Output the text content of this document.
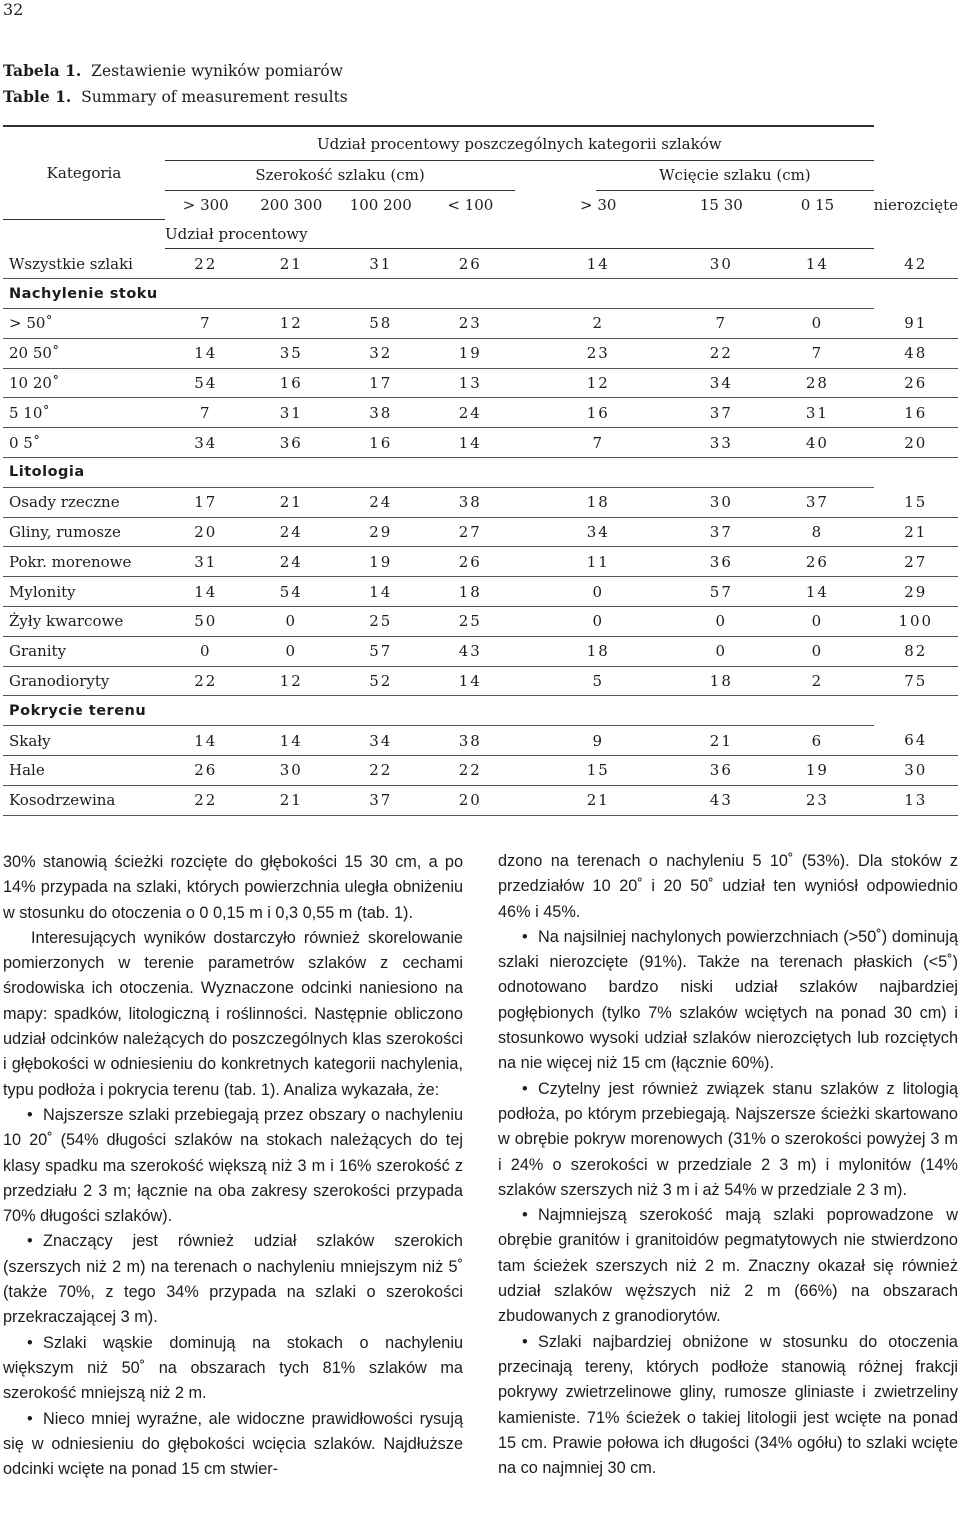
32
Tabela 1. Zestawienie wyników pomiarów
Table 1. Summary of measurement results
Kategoria	Udział procentowy poszczególnych kategorii szlaków								
	Szerokość szlaku (cm)					Wcięcie szlaku (cm)			
	> 300	200 300	100 200	< 100	> 30		15 30	0 15	nierozcięte
	Udział procentowy								
Wszystkie szlaki	22	21	31	26	14		30	14	42
Nachylenie stoku									
> 50˚	7	12	58	23	2		7	0	91
20 50˚	14	35	32	19	23		22	7	48
10 20˚	54	16	17	13	12		34	28	26
5 10˚	7	31	38	24	16		37	31	16
0 5˚	34	36	16	14	7		33	40	20
Litologia									
Osady rzeczne	17	21	24	38	18		30	37	15
Gliny, rumosze	20	24	29	27	34		37	8	21
Pokr. morenowe	31	24	19	26	11		36	26	27
Mylonity	14	54	14	18	0		57	14	29
Żyły kwarcowe	50	0	25	25	0		0	0	100
Granity	0	0	57	43	18		0	0	82
Granodioryty	22	12	52	14	5		18	2	75
Pokrycie terenu									
Skały	14	14	34	38	9		21	6	64
Hale	26	30	22	22	15		36	19	30
Kosodrzewina	22	21	37	20	21		43	23	13

30% stanowią ścieżki rozcięte do głębokości 15 30 cm, a po 14% przypada na szlaki, których powierzchnia uległa obniżeniu w stosunku do otoczenia o 0 0,15 m i 0,3 0,55 m (tab. 1).

Interesujących wyników dostarczyło również skorelowanie pomierzonych w terenie parametrów szlaków z cechami środowiska ich otoczenia. Wyznaczone odcinki naniesiono na mapy: spadków, litologiczną i roślinności. Następnie obliczono udział odcinków należących do poszczególnych klas szerokości i głębokości w odniesieniu do konkretnych kategorii nachylenia, typu podłoża i pokrycia terenu (tab. 1). Analiza wykazała, że:

• Najszersze szlaki przebiegają przez obszary o nachyleniu 10 20˚ (54% długości szlaków na stokach należących do tej klasy spadku ma szerokość większą niż 3 m i 16% szerokość z przedziału 2 3 m; łącznie na oba zakresy szerokości przypada 70% długości szlaków).

• Znaczący jest również udział szlaków szerokich (szerszych niż 2 m) na terenach o nachyleniu mniejszym niż 5˚ (także 70%, z tego 34% przypada na szlaki o szerokości przekraczającej 3 m).

• Szlaki wąskie dominują na stokach o nachyleniu większym niż 50˚ na obszarach tych 81% szlaków ma szerokość mniejszą niż 2 m.

• Nieco mniej wyraźne, ale widoczne prawidłowości rysują się w odniesieniu do głębokości wcięcia szlaków. Najdłuższe odcinki wcięte na ponad 15 cm stwier-

dzono na terenach o nachyleniu 5 10˚ (53%). Dla stoków z przedziałów 10 20˚ i 20 50˚ udział ten wyniósł odpowiednio 46% i 45%.

• Na najsilniej nachylonych powierzchniach (>50˚) dominują szlaki nierozcięte (91%). Także na terenach płaskich (<5˚) odnotowano bardzo niski udział szlaków najbardziej pogłębionych (tylko 7% szlaków wciętych na ponad 30 cm) i stosunkowo wysoki udział szlaków nierozciętych lub rozciętych na nie więcej niż 15 cm (łącznie 60%).

• Czytelny jest również związek stanu szlaków z litologią podłoża, po którym przebiegają. Najszersze ścieżki skartowano w obrębie pokryw morenowych (31% o szerokości powyżej 3 m i 24% o szerokości w przedziale 2 3 m) i mylonitów (14% szlaków szerszych niż 3 m i aż 54% w przedziale 2 3 m).

• Najmniejszą szerokość mają szlaki poprowadzone w obrębie granitów i granitoidów pegmatytowych nie stwierdzono tam ścieżek szerszych niż 2 m. Znaczny okazał się również udział szlaków węższych niż 2 m (66%) na obszarach zbudowanych z granodiorytów.

• Szlaki najbardziej obniżone w stosunku do otoczenia przecinają tereny, których podłoże stanowią różnej frakcji pokrywy zwietrzelinowe gliny, rumosze gliniaste i zwietrzeliny kamieniste. 71% ścieżek o takiej litologii jest wcięte na ponad 15 cm. Prawie połowa ich długości (34% ogółu) to szlaki wcięte na co najmniej 30 cm.
